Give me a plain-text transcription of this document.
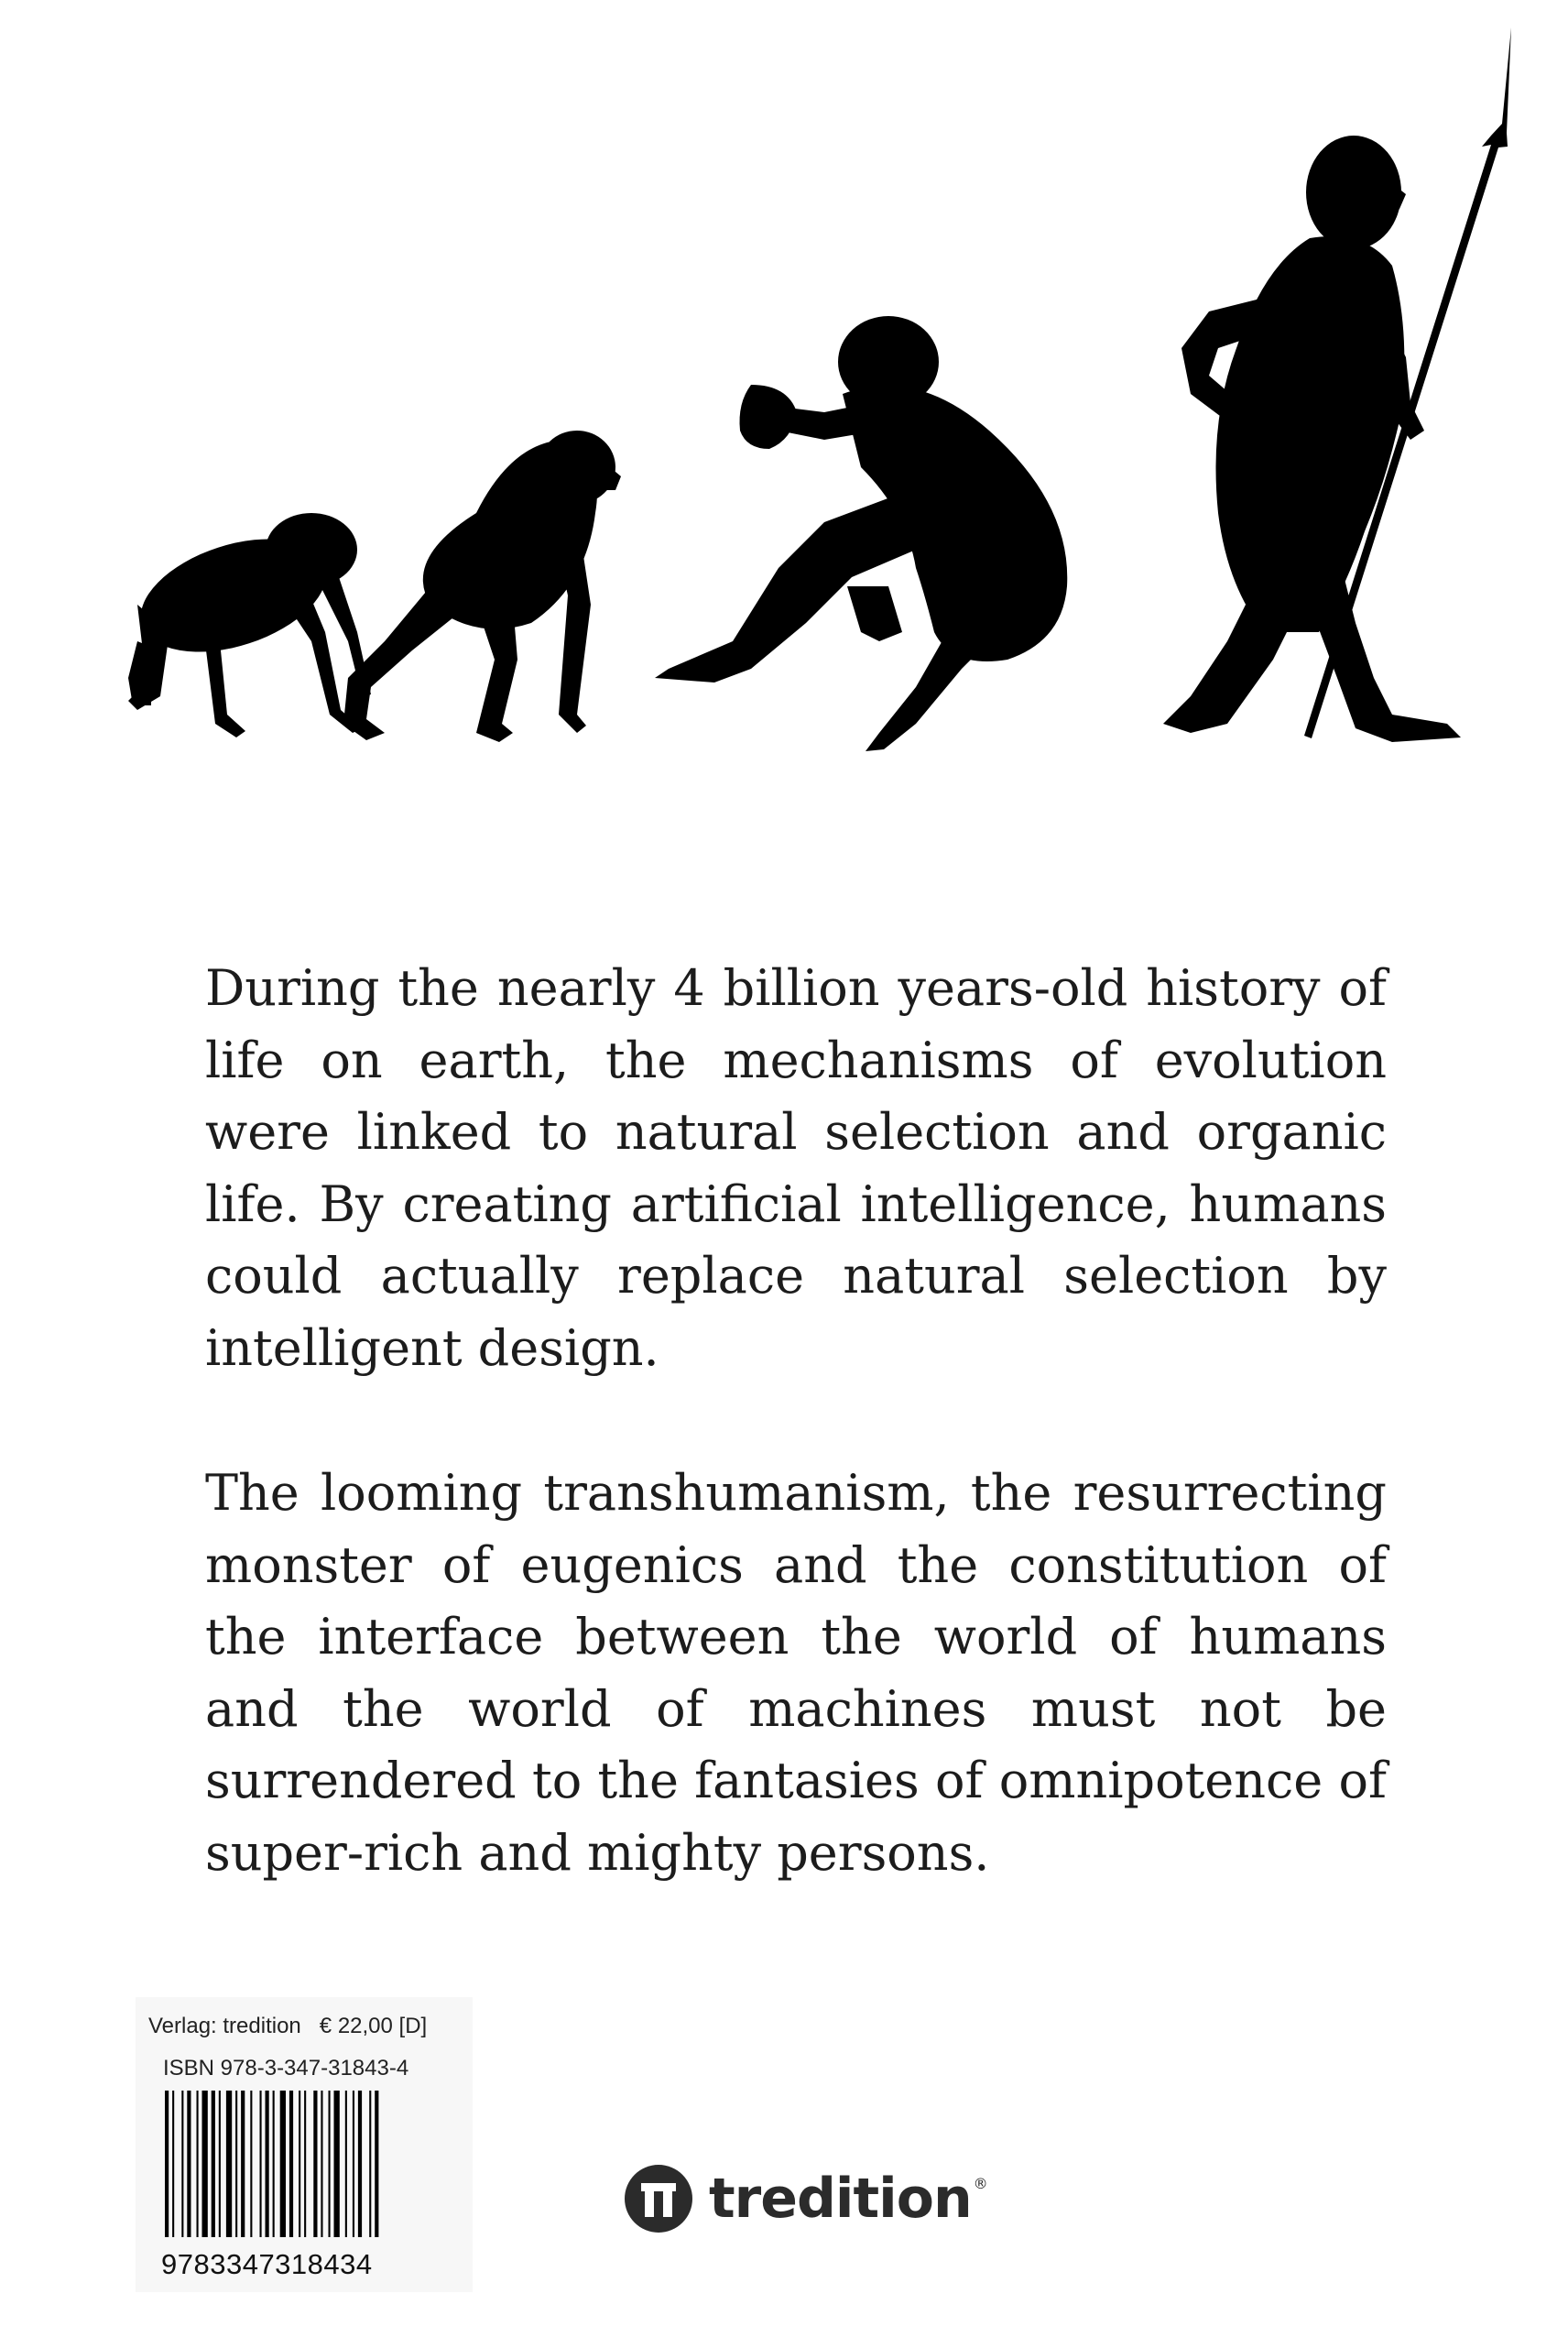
During the nearly 4 billion years-old history of life on earth, the mechanisms of evolution were linked to natural selection and organic life. By creating artificial intelligence, humans could actually replace natural selection by intelligent design.

The looming transhumanism, the resurrecting monster of eugenics and the constitution of the interface between the world of humans and the world of machines must not be surrendered to the fantasies of omnipotence of super-rich and mighty persons.

Verlag: tredition € 22,00 [D]
ISBN 978-3-347-31843-4
9783347318434
tredition ®
